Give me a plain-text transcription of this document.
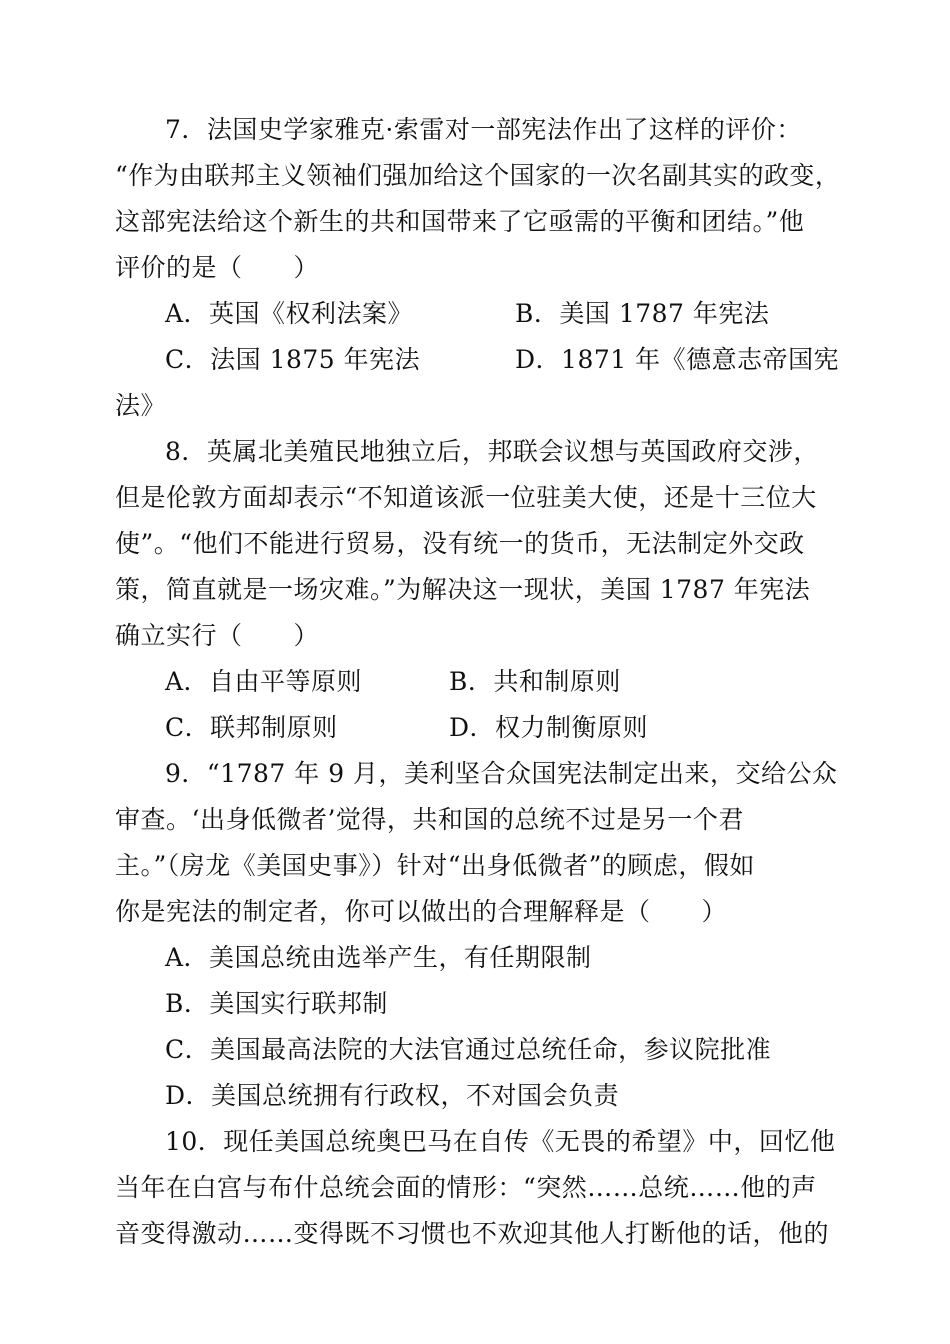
7．法国史学家雅克·索雷对一部宪法作出了这样的评价：
“作为由联邦主义领袖们强加给这个国家的一次名副其实的政变，
这部宪法给这个新生的共和国带来了它亟需的平衡和团结。”他
评价的是（　　）
A．英国《权利法案》	B．美国 1787 年宪法
C．法国 1875 年宪法	D．1871 年《德意志帝国宪
法》
8．英属北美殖民地独立后，邦联会议想与英国政府交涉，
但是伦敦方面却表示“不知道该派一位驻美大使，还是十三位大
使”。“他们不能进行贸易，没有统一的货币，无法制定外交政
策，简直就是一场灾难。”为解决这一现状，美国 1787 年宪法
确立实行（　　）
A．自由平等原则	B．共和制原则
C．联邦制原则	D．权力制衡原则
9．“1787 年 9 月，美利坚合众国宪法制定出来，交给公众
审查。‘出身低微者’觉得，共和国的总统不过是另一个君
主。”（房龙《美国史事》）针对“出身低微者”的顾虑，假如
你是宪法的制定者，你可以做出的合理解释是（　　）
A．美国总统由选举产生，有任期限制
B．美国实行联邦制
C．美国最高法院的大法官通过总统任命，参议院批准
D．美国总统拥有行政权，不对国会负责
10．现任美国总统奥巴马在自传《无畏的希望》中，回忆他
当年在白宫与布什总统会面的情形：“突然……总统……他的声
音变得激动……变得既不习惯也不欢迎其他人打断他的话，他的
